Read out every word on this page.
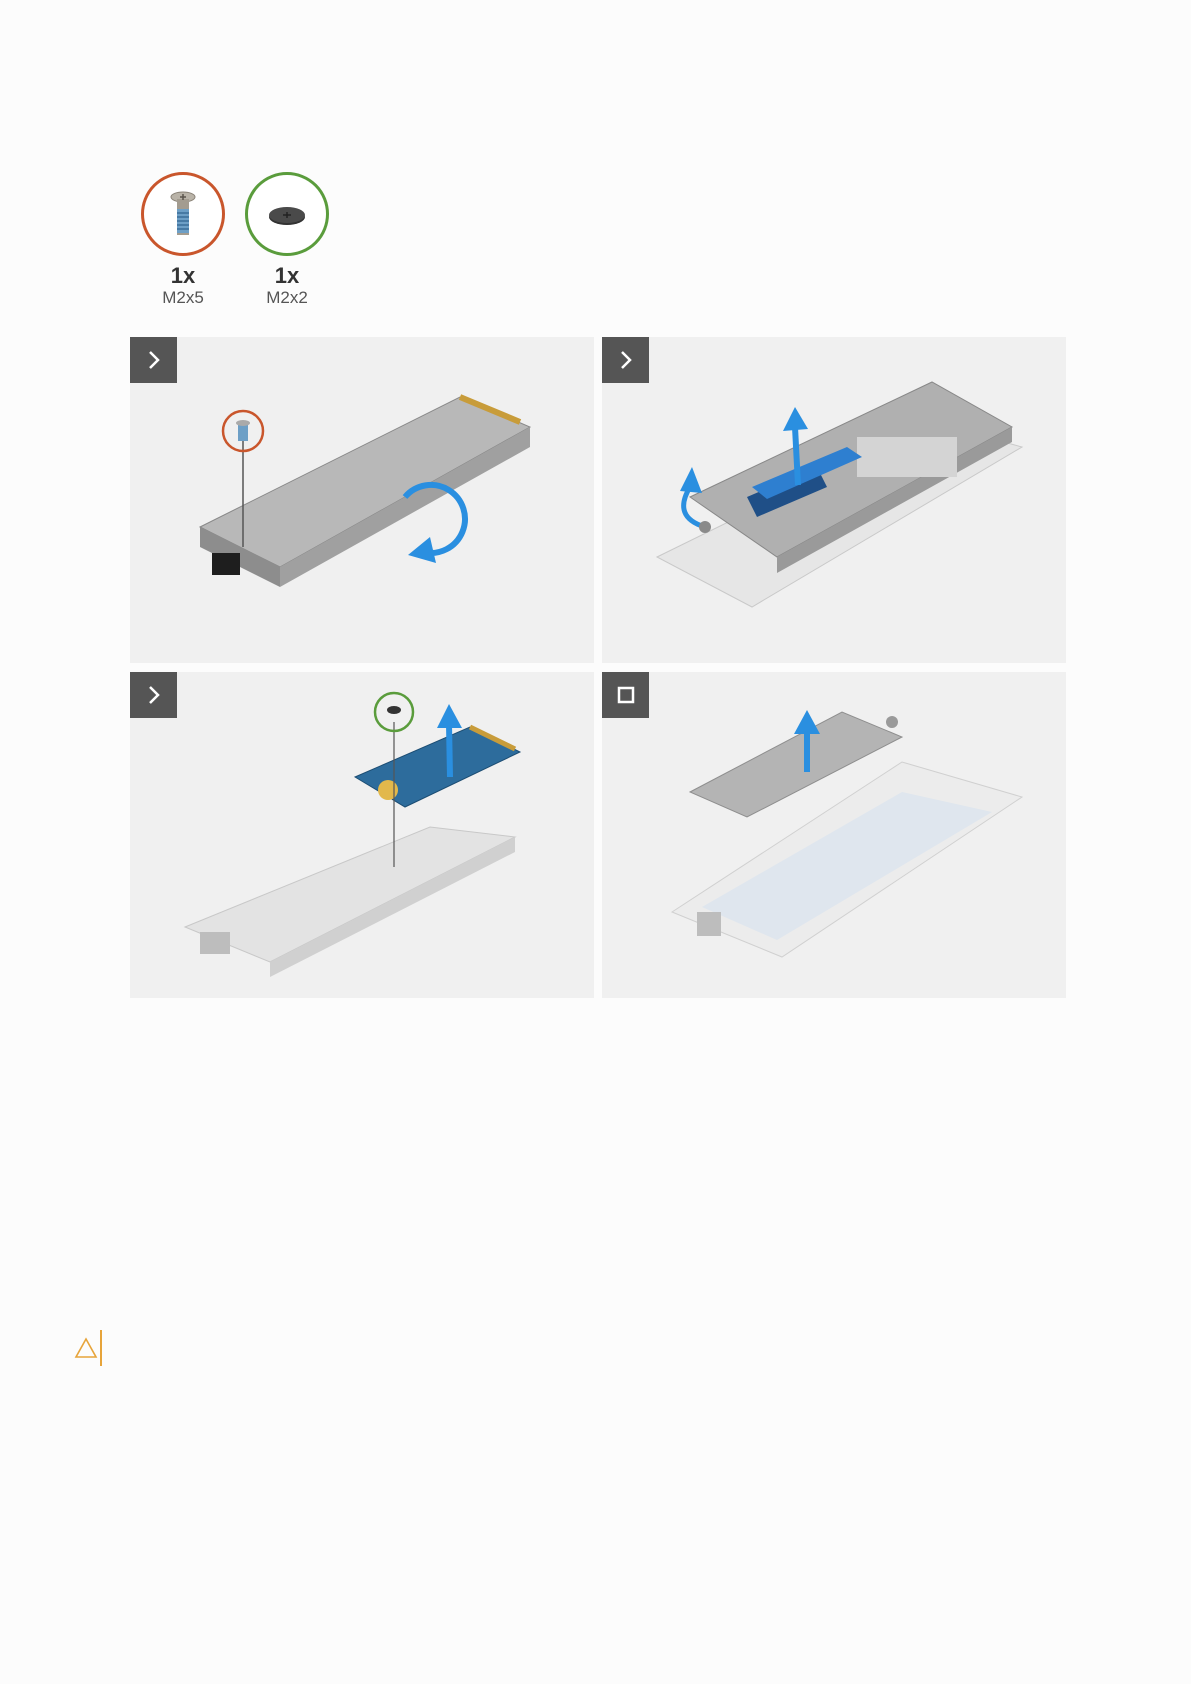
1x
M2x5
1x
M2x2
